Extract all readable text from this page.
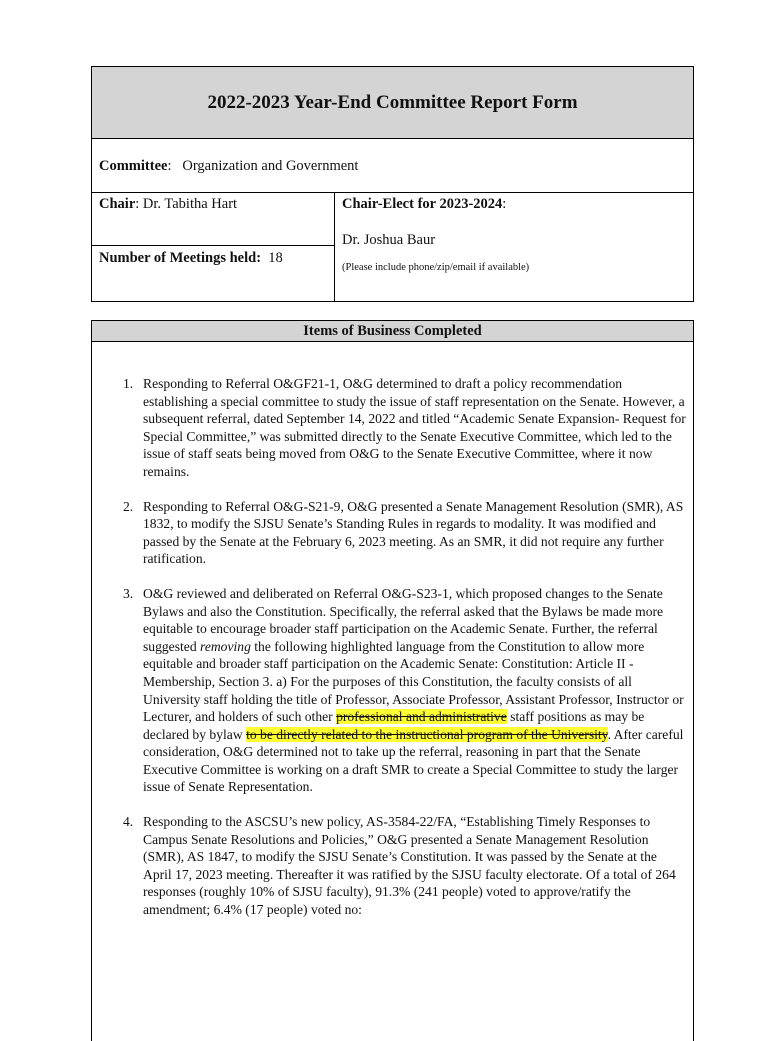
2022-2023 Year-End Committee Report Form
Committee:   Organization and Government
Chair: Dr. Tabitha Hart
Number of Meetings held: 18
Chair-Elect for 2023-2024:
Dr. Joshua Baur
(Please include phone/zip/email if available)
Items of Business Completed
1. Responding to Referral O&GF21-1, O&G determined to draft a policy recommendation establishing a special committee to study the issue of staff representation on the Senate. However, a subsequent referral, dated September 14, 2022 and titled “Academic Senate Expansion- Request for Special Committee,” was submitted directly to the Senate Executive Committee, which led to the issue of staff seats being moved from O&G to the Senate Executive Committee, where it now remains.
2. Responding to Referral O&G-S21-9, O&G presented a Senate Management Resolution (SMR), AS 1832, to modify the SJSU Senate’s Standing Rules in regards to modality. It was modified and passed by the Senate at the February 6, 2023 meeting. As an SMR, it did not require any further ratification.
3. O&G reviewed and deliberated on Referral O&G-S23-1, which proposed changes to the Senate Bylaws and also the Constitution. Specifically, the referral asked that the Bylaws be made more equitable to encourage broader staff participation on the Academic Senate. Further, the referral suggested removing the following highlighted language from the Constitution to allow more equitable and broader staff participation on the Academic Senate: Constitution: Article II - Membership, Section 3. a) For the purposes of this Constitution, the faculty consists of all University staff holding the title of Professor, Associate Professor, Assistant Professor, Instructor or Lecturer, and holders of such other professional and administrative staff positions as may be declared by bylaw to be directly related to the instructional program of the University. After careful consideration, O&G determined not to take up the referral, reasoning in part that the Senate Executive Committee is working on a draft SMR to create a Special Committee to study the larger issue of Senate Representation.
4. Responding to the ASCSU’s new policy, AS-3584-22/FA, “Establishing Timely Responses to Campus Senate Resolutions and Policies,” O&G presented a Senate Management Resolution (SMR), AS 1847, to modify the SJSU Senate’s Constitution. It was passed by the Senate at the April 17, 2023 meeting. Thereafter it was ratified by the SJSU faculty electorate. Of a total of 264 responses (roughly 10% of SJSU faculty), 91.3% (241 people) voted to approve/ratify the amendment; 6.4% (17 people) voted no:
